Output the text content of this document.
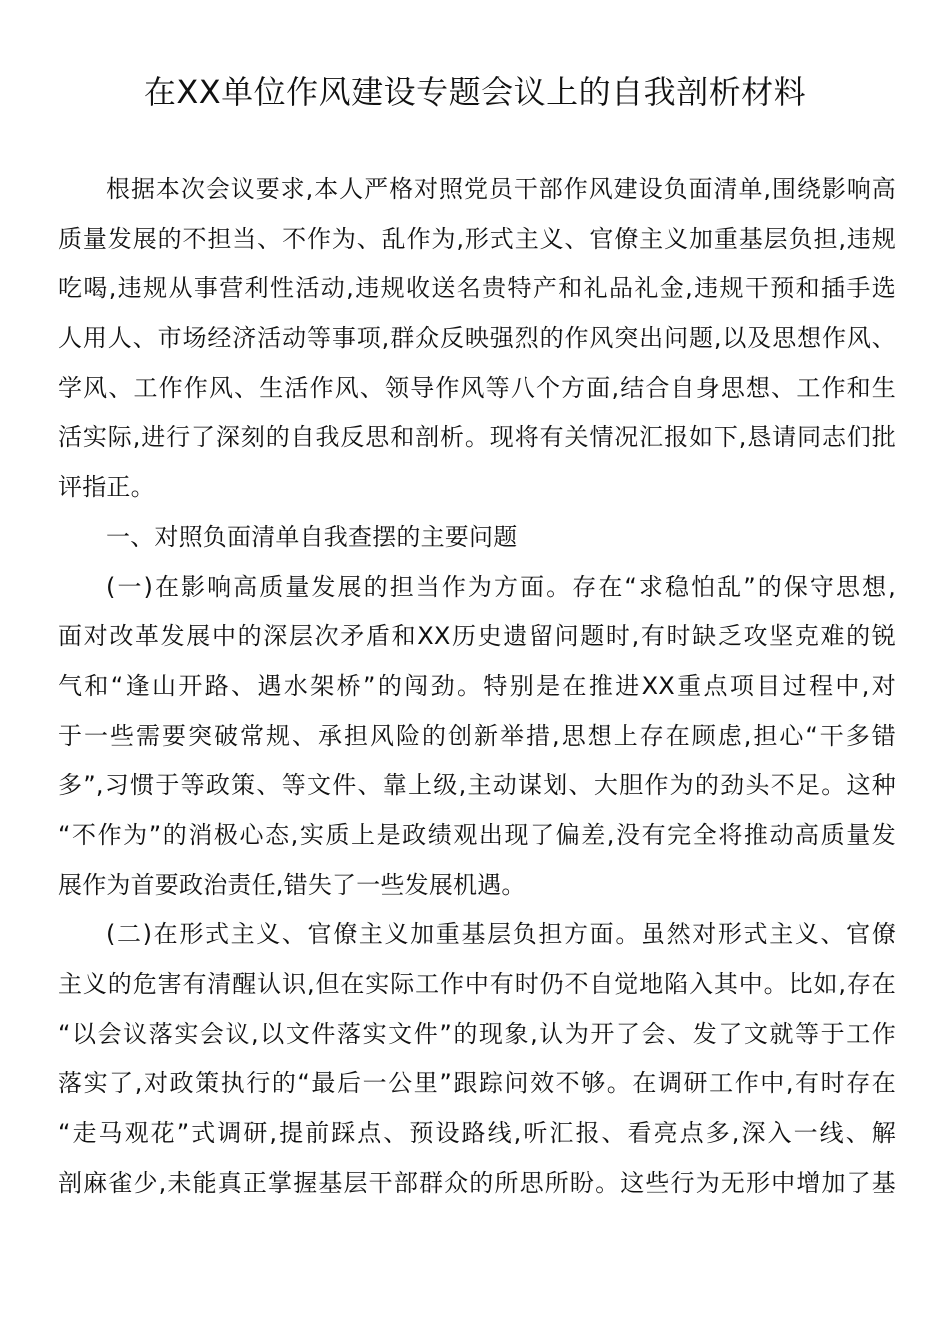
在XX单位作风建设专题会议上的自我剖析材料
根据本次会议要求,本人严格对照党员干部作风建设负面清单,围绕影响高
质量发展的不担当、不作为、乱作为,形式主义、官僚主义加重基层负担,违规
吃喝,违规从事营利性活动,违规收送名贵特产和礼品礼金,违规干预和插手选
人用人、市场经济活动等事项,群众反映强烈的作风突出问题,以及思想作风、
学风、工作作风、生活作风、领导作风等八个方面,结合自身思想、工作和生
活实际,进行了深刻的自我反思和剖析。现将有关情况汇报如下,恳请同志们批
评指正。
一、对照负面清单自我查摆的主要问题
(一)在影响高质量发展的担当作为方面。存在“求稳怕乱”的保守思想,
面对改革发展中的深层次矛盾和XX历史遗留问题时,有时缺乏攻坚克难的锐
气和“逢山开路、遇水架桥”的闯劲。特别是在推进XX重点项目过程中,对
于一些需要突破常规、承担风险的创新举措,思想上存在顾虑,担心“干多错
多”,习惯于等政策、等文件、靠上级,主动谋划、大胆作为的劲头不足。这种
“不作为”的消极心态,实质上是政绩观出现了偏差,没有完全将推动高质量发
展作为首要政治责任,错失了一些发展机遇。
(二)在形式主义、官僚主义加重基层负担方面。虽然对形式主义、官僚
主义的危害有清醒认识,但在实际工作中有时仍不自觉地陷入其中。比如,存在
“以会议落实会议,以文件落实文件”的现象,认为开了会、发了文就等于工作
落实了,对政策执行的“最后一公里”跟踪问效不够。在调研工作中,有时存在
“走马观花”式调研,提前踩点、预设路线,听汇报、看亮点多,深入一线、解
剖麻雀少,未能真正掌握基层干部群众的所思所盼。这些行为无形中增加了基
